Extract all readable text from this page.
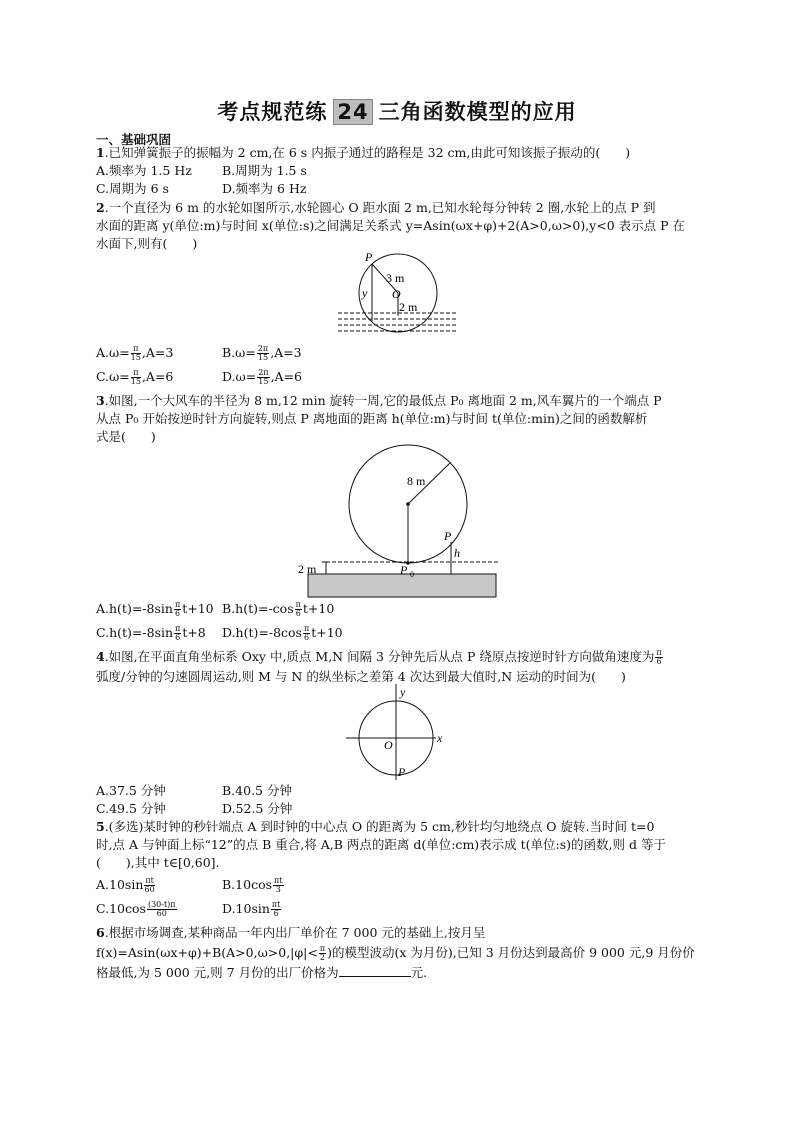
考点规范练 24 三角函数模型的应用
一、基础巩固
1.已知弹簧振子的振幅为 2 cm,在 6 s 内振子通过的路程是 32 cm,由此可知该振子振动的(　　)
A.频率为 1.5 Hz B.周期为 1.5 s
C.周期为 6 s	D.频率为 6 Hz
2.一个直径为 6 m 的水轮如图所示,水轮圆心 O 距水面 2 m,已知水轮每分钟转 2 圈,水轮上的点 P 到
水面的距离 y(单位:m)与时间 x(单位:s)之间满足关系式 y=Asin(ωx+φ)+2(A>0,ω>0),y<0 表示点 P 在
水面下,则有(　　)
P
y
3 m
O
2 m
$A.\omega= \frac{\pi}{15} ,A=3$	$B.\omega= \frac{2\pi}{15} ,A=3$
$C.\omega= \frac{\pi}{15} ,A=6$	$D.\omega= \frac{2\pi}{15} ,A=6$
3.如图,一个大风车的半径为 8 m,12 min 旋转一周,它的最低点 P₀ 离地面 2 m,风车翼片的一个端点 P
从点 P₀ 开始按逆时针方向旋转,则点 P 离地面的距离 h(单位:m)与时间 t(单位:min)之间的函数解析
式是(　　)
8 m
P
h
2 m	P 0
$A.h(t)=-8\sin \frac{\pi}{6} t+10$ $B.h(t)=-\cos \frac{\pi}{6} t+10$
$C.h(t)=-8\sin \frac{\pi}{6} t+8$ $D.h(t)=-8\cos \frac{\pi}{6} t+10$
4.如图,在平面直角坐标系 Oxy 中,质点 M,N 间隔 3 分钟先后从点 P 绕原点按逆时针方向做角速度为 $\frac{\pi}{6}$
弧度/分钟的匀速圆周运动,则 M 与 N 的纵坐标之差第 4 次达到最大值时,N 运动的时间为(　　)
y
x
O
P
A.37.5 分钟	B.40.5 分钟
C.49.5 分钟	D.52.5 分钟
5.(多选)某时钟的秒针端点 A 到时钟的中心点 O 的距离为 5 cm,秒针均匀地绕点 O 旋转.当时间 t=0
时,点 A 与钟面上标“12”的点 B 重合,将 A,B 两点的距离 d(单位:cm)表示成 t(单位:s)的函数,则 d 等于
(　　),其中 t∈[0,60].
$A.10\sin \frac{\pi t}{60}$	$B.10\cos \frac{\pi t}{3}$
$C.10\cos \frac{(30-t)\pi}{60}$	$D.10\sin \frac{\pi t}{6}$
6.根据市场调查,某种商品一年内出厂单价在 7 000 元的基础上,按月呈
$f(x)=Asin(\omega x+\varphi)+B(A>0,\omega>0,|\varphi|< \frac{\pi}{2}$ )的模型波动(x 为月份),已知 3 月份达到最高价 9 000 元,9 月份价
格最低,为 5 000 元,则 7 月份的出厂价格为	元.
